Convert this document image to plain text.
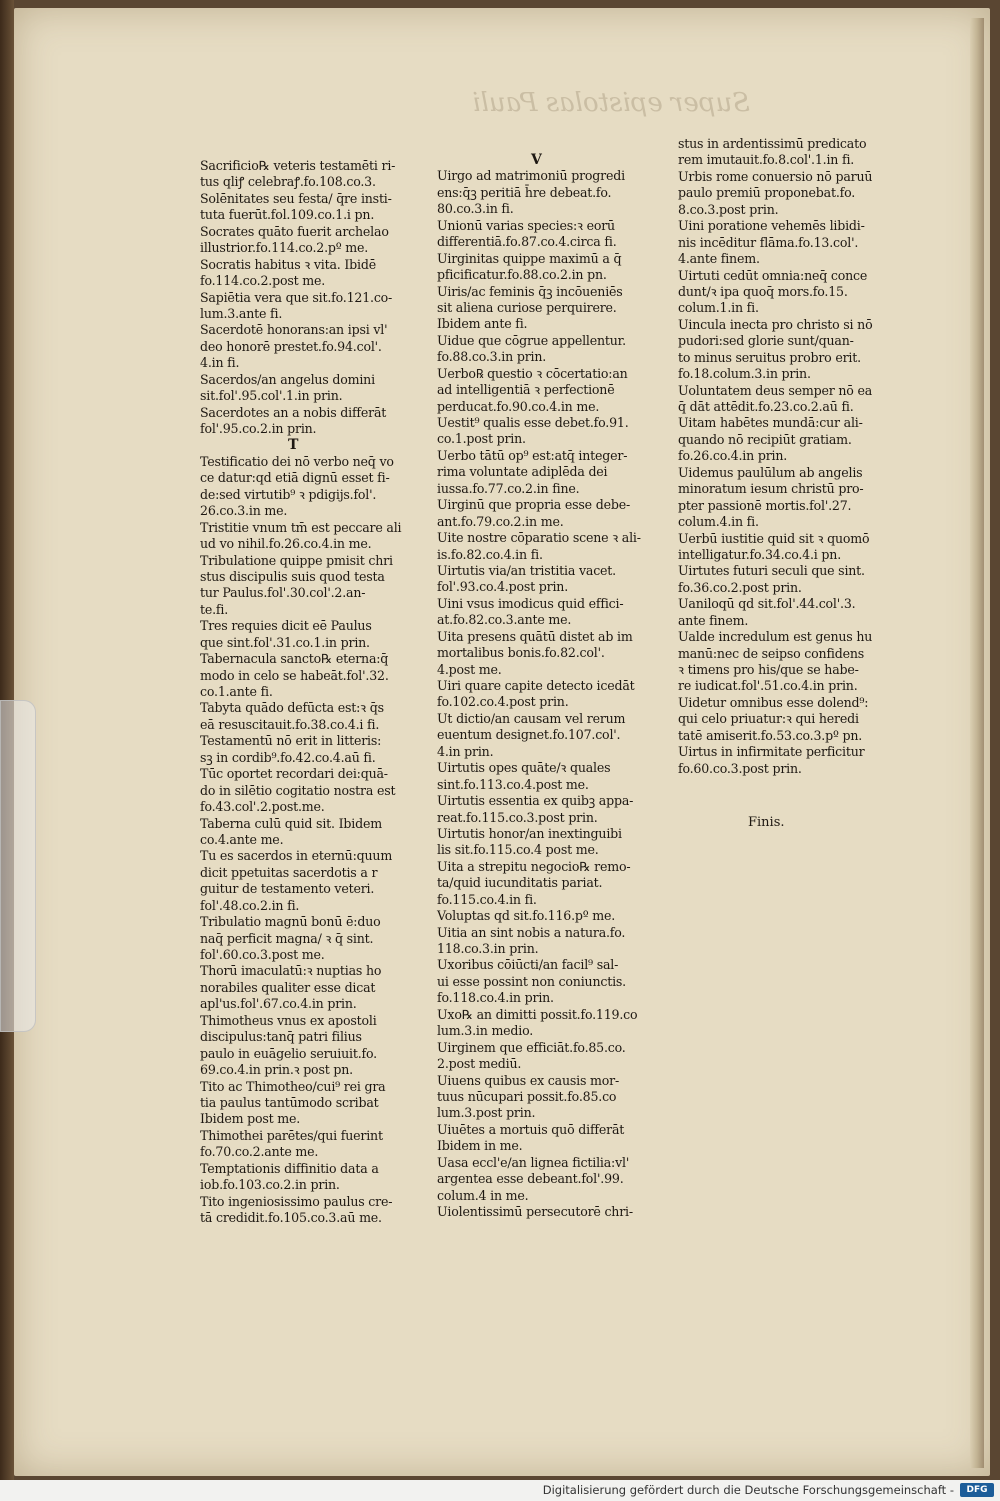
Super epistolas Pauli
Sacrificio℞ veteris testamēti ri-
tus qliꝭ celebraꝭ.fo.108.co.3.
Solēnitates seu festa/ q̄re insti-
tuta fuerūt.fol.109.co.1.i pn.
Socrates quāto fuerit archelao
illustrior.fo.114.co.2.pº me.
Socratis habitus ꝛ vita. Ibidē
fo.114.co.2.post me.
Sapiētia vera que sit.fo.121.co-
lum.3.ante fi.
Sacerdotē honorans:an ipsi vl'
deo honorē prestet.fo.94.col'.
4.in fi.
Sacerdos/an angelus domini
sit.fol'.95.col'.1.in prin.
Sacerdotes an a nobis differāt
fol'.95.co.2.in prin.
T
Testificatio dei nō verbo neq̄ vo
ce datur:qd etiā dignū esset fi-
de:sed virtutib⁹ ꝛ pdigijs.fol'.
26.co.3.in me.
Tristitie vnum tm̄ est peccare ali
ud vo nihil.fo.26.co.4.in me.
Tribulatione quippe pmisit chri
stus discipulis suis quod testa
tur Paulus.fol'.30.col'.2.an-
te.fi.
Tres requies dicit eē Paulus
que sint.fol'.31.co.1.in prin.
Tabernacula sancto℞ eterna:q̄
modo in celo se habeāt.fol'.32.
co.1.ante fi.
Tabyta quādo defūcta est:ꝛ q̄s
eā resuscitauit.fo.38.co.4.i fi.
Testamentū nō erit in litteris:
sꝫ in cordib⁹.fo.42.co.4.aū fi.
Tūc oportet recordari dei:quā-
do in silētio cogitatio nostra est
fo.43.col'.2.post.me.
Taberna culū quid sit. Ibidem
co.4.ante me.
Tu es sacerdos in eternū:quum
dicit ppetuitas sacerdotis a r
guitur de testamento veteri.
fol'.48.co.2.in fi.
Tribulatio magnū bonū ē:duo
naq̄ perficit magna/ ꝛ q̄ sint.
fol'.60.co.3.post me.
Thorū imaculatū:ꝛ nuptias ho
norabiles qualiter esse dicat
apl'us.fol'.67.co.4.in prin.
Thimotheus vnus ex apostoli
discipulus:tanq̄ patri filius
paulo in euāgelio seruiuit.fo.
69.co.4.in prin.ꝛ post pn.
Tito ac Thimotheo/cui⁹ rei gra
tia paulus tantūmodo scribat
Ibidem post me.
Thimothei parētes/qui fuerint
fo.70.co.2.ante me.
Temptationis diffinitio data a
iob.fo.103.co.2.in prin.
Tito ingeniosissimo paulus cre-
tā credidit.fo.105.co.3.aū me.
V
Uirgo ad matrimoniū progredi
ens:q̄ꝫ peritiā h̄re debeat.fo.
80.co.3.in fi.
Unionū varias species:ꝛ eorū
differentiā.fo.87.co.4.circa fi.
Uirginitas quippe maximū a q̄
pficificatur.fo.88.co.2.in pn.
Uiris/ac feminis q̄ꝫ incōueniēs
sit aliena curiose perquirere.
Ibidem ante fi.
Uidue que cōgrue appellentur.
fo.88.co.3.in prin.
Uerbo℞ questio ꝛ cōcertatio:an
ad intelligentiā ꝛ perfectionē
perducat.fo.90.co.4.in me.
Uestit⁹ qualis esse debet.fo.91.
co.1.post prin.
Uerbo tātū op⁹ est:atq̄ integer-
rima voluntate adiplēda dei
iussa.fo.77.co.2.in fine.
Uirginū que propria esse debe-
ant.fo.79.co.2.in me.
Uite nostre cōparatio scene ꝛ ali-
is.fo.82.co.4.in fi.
Uirtutis via/an tristitia vacet.
fol'.93.co.4.post prin.
Uini vsus imodicus quid effici-
at.fo.82.co.3.ante me.
Uita presens quātū distet ab im
mortalibus bonis.fo.82.col'.
4.post me.
Uiri quare capite detecto icedāt
fo.102.co.4.post prin.
Ut dictio/an causam vel rerum
euentum designet.fo.107.col'.
4.in prin.
Uirtutis opes quāte/ꝛ quales
sint.fo.113.co.4.post me.
Uirtutis essentia ex quibꝫ appa-
reat.fo.115.co.3.post prin.
Uirtutis honor/an inextinguibi
lis sit.fo.115.co.4 post me.
Uita a strepitu negocio℞ remo-
ta/quid iucunditatis pariat.
fo.115.co.4.in fi.
Voluptas qd sit.fo.116.pº me.
Uitia an sint nobis a natura.fo.
118.co.3.in prin.
Uxoribus cōiūcti/an facil⁹ sal-
ui esse possint non coniunctis.
fo.118.co.4.in prin.
Uxo℞ an dimitti possit.fo.119.co
lum.3.in medio.
Uirginem que efficiāt.fo.85.co.
2.post mediū.
Uiuens quibus ex causis mor-
tuus nūcupari possit.fo.85.co
lum.3.post prin.
Uiuētes a mortuis quō differāt
Ibidem in me.
Uasa eccl'e/an lignea fictilia:vl'
argentea esse debeant.fol'.99.
colum.4 in me.
Uiolentissimū persecutorē chri-
stus in ardentissimū predicato
rem imutauit.fo.8.col'.1.in fi.
Urbis rome conuersio nō paruū
paulo premiū proponebat.fo.
8.co.3.post prin.
Uini poratione vehemēs libidi-
nis incēditur flāma.fo.13.col'.
4.ante finem.
Uirtuti cedūt omnia:neq̄ conce
dunt/ꝛ ipa quoq̄ mors.fo.15.
colum.1.in fi.
Uincula inecta pro christo si nō
pudori:sed glorie sunt/quan-
to minus seruitus probro erit.
fo.18.colum.3.in prin.
Uoluntatem deus semper nō ea
q̄ dāt attēdit.fo.23.co.2.aū fi.
Uitam habētes mundā:cur ali-
quando nō recipiūt gratiam.
fo.26.co.4.in prin.
Uidemus paulūlum ab angelis
minoratum iesum christū pro-
pter passionē mortis.fol'.27.
colum.4.in fi.
Uerbū iustitie quid sit ꝛ quomō
intelligatur.fo.34.co.4.i pn.
Uirtutes futuri seculi que sint.
fo.36.co.2.post prin.
Uaniloqū qd sit.fol'.44.col'.3.
ante finem.
Ualde incredulum est genus hu
manū:nec de seipso confidens
ꝛ timens pro his/que se habe-
re iudicat.fol'.51.co.4.in prin.
Uidetur omnibus esse dolend⁹:
qui celo priuatur:ꝛ qui heredi
tatē amiserit.fo.53.co.3.pº pn.
Uirtus in infirmitate perficitur
fo.60.co.3.post prin.
Finis.
Digitalisierung gefördert durch die Deutsche Forschungsgemeinschaft -	DFG
